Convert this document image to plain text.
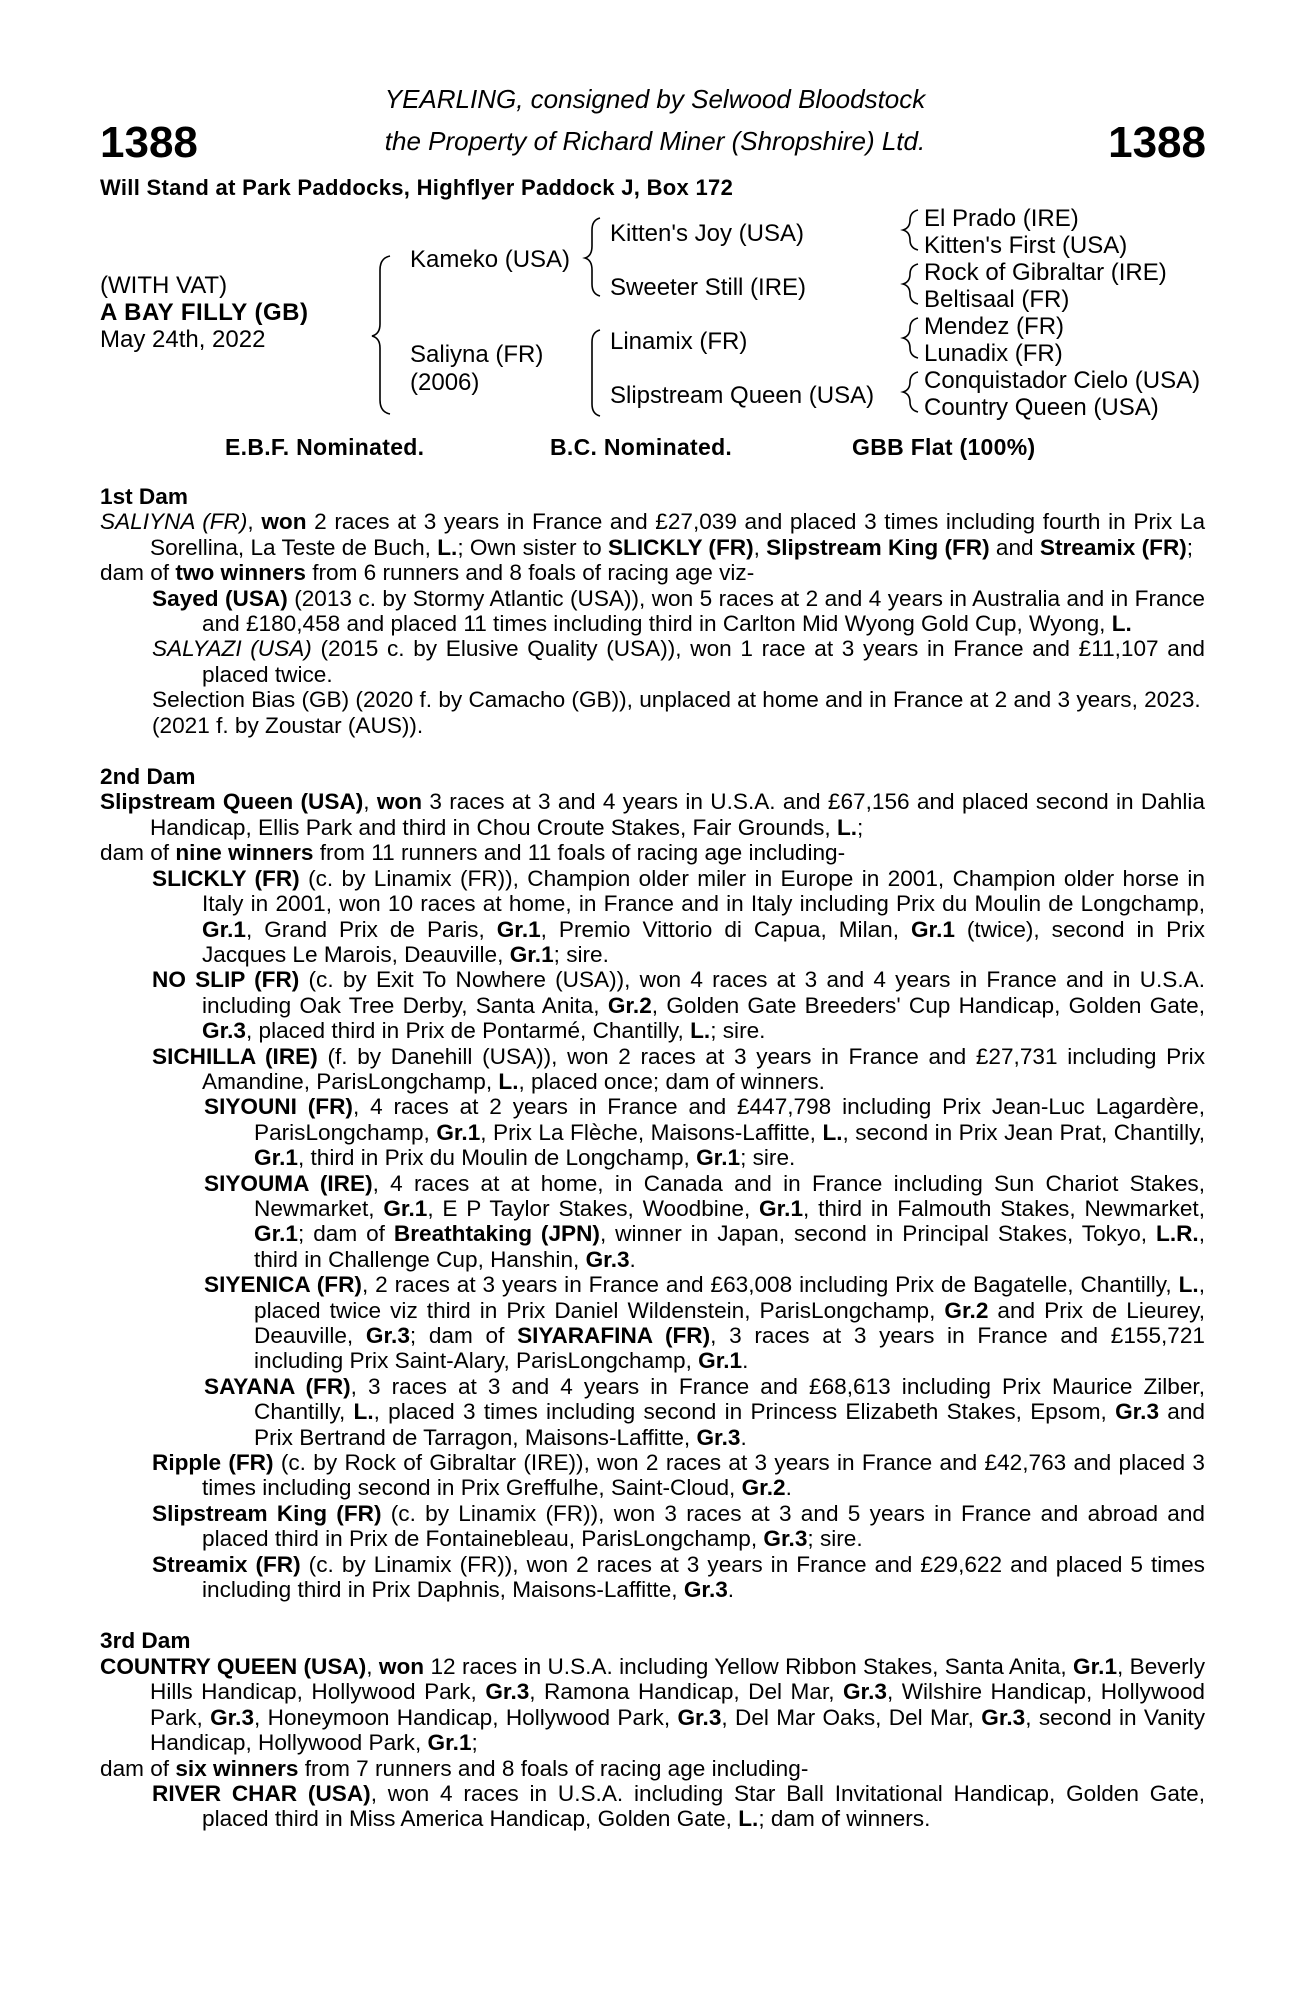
1388	1388
YEARLING, consigned by Selwood Bloodstock
the Property of Richard Miner (Shropshire) Ltd.
Will Stand at Park Paddocks, Highflyer Paddock J, Box 172
(WITH VAT)
A BAY FILLY (GB)
May 24th, 2022
Kameko (USA)
Saliyna (FR)
(2006)
Kitten's Joy (USA)
Sweeter Still (IRE)
Linamix (FR)
Slipstream Queen (USA)
El Prado (IRE)
Kitten's First (USA)
Rock of Gibraltar (IRE)
Beltisaal (FR)
Mendez (FR)
Lunadix (FR)
Conquistador Cielo (USA)
Country Queen (USA)
E.B.F. Nominated.	B.C. Nominated.	GBB Flat (100%)
1st Dam
SALIYNA (FR), won 2 races at 3 years in France and £27,039 and placed 3 times including fourth in Prix La Sorellina, La Teste de Buch, L.; Own sister to SLICKLY (FR), Slipstream King (FR) and Streamix (FR);
dam of two winners from 6 runners and 8 foals of racing age viz-
Sayed (USA) (2013 c. by Stormy Atlantic (USA)), won 5 races at 2 and 4 years in Australia and in France and £180,458 and placed 11 times including third in Carlton Mid Wyong Gold Cup, Wyong, L.
SALYAZI (USA) (2015 c. by Elusive Quality (USA)), won 1 race at 3 years in France and £11,107 and placed twice.
Selection Bias (GB) (2020 f. by Camacho (GB)), unplaced at home and in France at 2 and 3 years, 2023.
(2021 f. by Zoustar (AUS)).
2nd Dam
Slipstream Queen (USA), won 3 races at 3 and 4 years in U.S.A. and £67,156 and placed second in Dahlia Handicap, Ellis Park and third in Chou Croute Stakes, Fair Grounds, L.;
dam of nine winners from 11 runners and 11 foals of racing age including-
SLICKLY (FR) (c. by Linamix (FR)), Champion older miler in Europe in 2001, Champion older horse in Italy in 2001, won 10 races at home, in France and in Italy including Prix du Moulin de Longchamp, Gr.1, Grand Prix de Paris, Gr.1, Premio Vittorio di Capua, Milan, Gr.1 (twice), second in Prix Jacques Le Marois, Deauville, Gr.1; sire.
NO SLIP (FR) (c. by Exit To Nowhere (USA)), won 4 races at 3 and 4 years in France and in U.S.A. including Oak Tree Derby, Santa Anita, Gr.2, Golden Gate Breeders' Cup Handicap, Golden Gate, Gr.3, placed third in Prix de Pontarmé, Chantilly, L.; sire.
SICHILLA (IRE) (f. by Danehill (USA)), won 2 races at 3 years in France and £27,731 including Prix Amandine, ParisLongchamp, L., placed once; dam of winners.
SIYOUNI (FR), 4 races at 2 years in France and £447,798 including Prix Jean-Luc Lagardère, ParisLongchamp, Gr.1, Prix La Flèche, Maisons-Laffitte, L., second in Prix Jean Prat, Chantilly, Gr.1, third in Prix du Moulin de Longchamp, Gr.1; sire.
SIYOUMA (IRE), 4 races at at home, in Canada and in France including Sun Chariot Stakes, Newmarket, Gr.1, E P Taylor Stakes, Woodbine, Gr.1, third in Falmouth Stakes, Newmarket, Gr.1; dam of Breathtaking (JPN), winner in Japan, second in Principal Stakes, Tokyo, L.R., third in Challenge Cup, Hanshin, Gr.3.
SIYENICA (FR), 2 races at 3 years in France and £63,008 including Prix de Bagatelle, Chantilly, L., placed twice viz third in Prix Daniel Wildenstein, ParisLongchamp, Gr.2 and Prix de Lieurey, Deauville, Gr.3; dam of SIYARAFINA (FR), 3 races at 3 years in France and £155,721 including Prix Saint-Alary, ParisLongchamp, Gr.1.
SAYANA (FR), 3 races at 3 and 4 years in France and £68,613 including Prix Maurice Zilber, Chantilly, L., placed 3 times including second in Princess Elizabeth Stakes, Epsom, Gr.3 and Prix Bertrand de Tarragon, Maisons-Laffitte, Gr.3.
Ripple (FR) (c. by Rock of Gibraltar (IRE)), won 2 races at 3 years in France and £42,763 and placed 3 times including second in Prix Greffulhe, Saint-Cloud, Gr.2.
Slipstream King (FR) (c. by Linamix (FR)), won 3 races at 3 and 5 years in France and abroad and placed third in Prix de Fontainebleau, ParisLongchamp, Gr.3; sire.
Streamix (FR) (c. by Linamix (FR)), won 2 races at 3 years in France and £29,622 and placed 5 times including third in Prix Daphnis, Maisons-Laffitte, Gr.3.
3rd Dam
COUNTRY QUEEN (USA), won 12 races in U.S.A. including Yellow Ribbon Stakes, Santa Anita, Gr.1, Beverly Hills Handicap, Hollywood Park, Gr.3, Ramona Handicap, Del Mar, Gr.3, Wilshire Handicap, Hollywood Park, Gr.3, Honeymoon Handicap, Hollywood Park, Gr.3, Del Mar Oaks, Del Mar, Gr.3, second in Vanity Handicap, Hollywood Park, Gr.1;
dam of six winners from 7 runners and 8 foals of racing age including-
RIVER CHAR (USA), won 4 races in U.S.A. including Star Ball Invitational Handicap, Golden Gate, placed third in Miss America Handicap, Golden Gate, L.; dam of winners.
